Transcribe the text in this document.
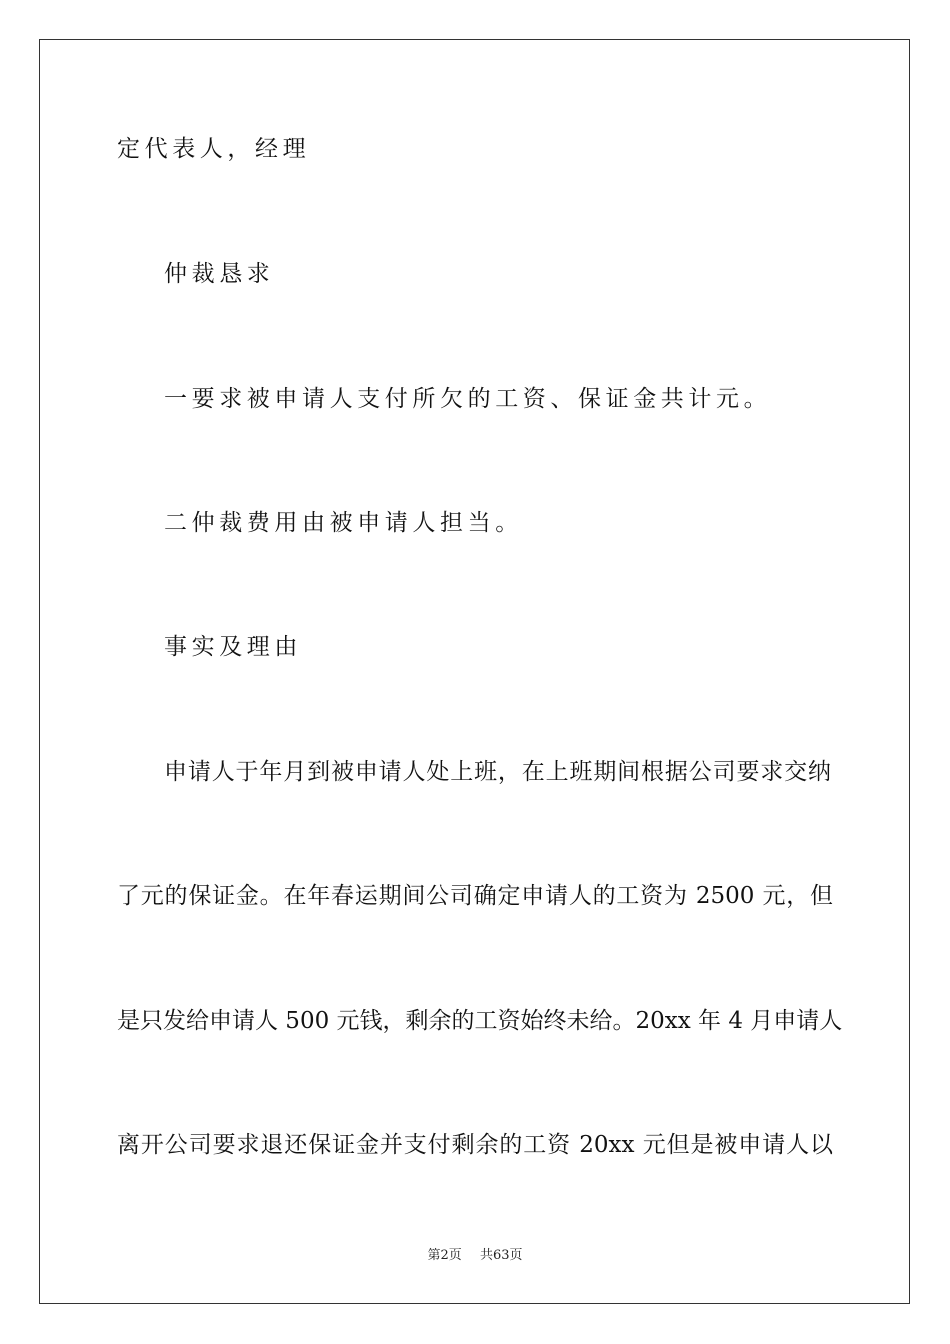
定代表人，经理
仲裁恳求
一要求被申请人支付所欠的工资、保证金共计元。
二仲裁费用由被申请人担当。
事实及理由
申请人于年月到被申请人处上班，在上班期间根据公司要求交纳
了元的保证金。在年春运期间公司确定申请人的工资为 2500 元，但
是只发给申请人 500 元钱，剩余的工资始终未给。20xx 年 4 月申请人
离开公司要求退还保证金并支付剩余的工资 20xx 元但是被申请人以
第2页 共63页
